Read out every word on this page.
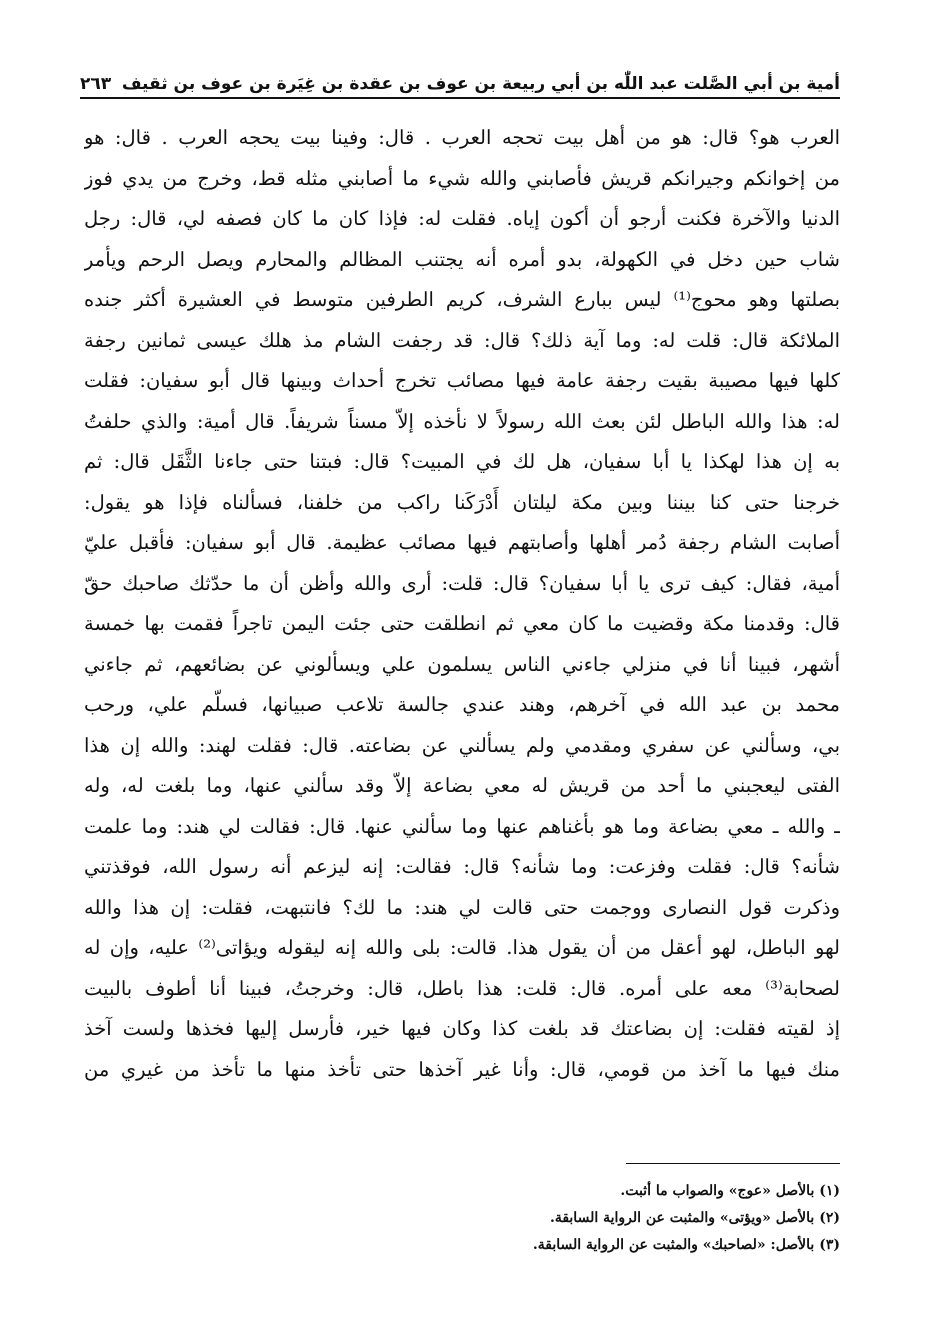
أمية بن أبي الصَّلت عبد اللّٰه بن أبي ربيعة بن عوف بن عقدة بن غِيَرة بن عوف بن ثقيف
٢٦٣
العرب هو؟ قال: هو من أهل بيت تحجه العرب . قال: وفينا بيت يحجه العرب . قال: هو
من إخوانكم وجيرانكم قريش فأصابني والله شيء ما أصابني مثله قط، وخرج من يدي فوز
الدنيا والآخرة فكنت أرجو أن أكون إياه. فقلت له: فإذا كان ما كان فصفه لي، قال: رجل
شاب حين دخل في الكهولة، بدو أمره أنه يجتنب المظالم والمحارم ويصل الرحم ويأمر
بصلتها وهو محوج⁽¹⁾ ليس ببارع الشرف، كريم الطرفين متوسط في العشيرة أكثر جنده
الملائكة قال: قلت له: وما آية ذلك؟ قال: قد رجفت الشام مذ هلك عيسى ثمانين رجفة
كلها فيها مصيبة بقيت رجفة عامة فيها مصائب تخرج أحداث وبينها قال أبو سفيان: فقلت
له: هذا والله الباطل لئن بعث الله رسولاً لا نأخذه إلاّ مسناً شريفاً. قال أمية: والذي حلفتُ
به إن هذا لهكذا يا أبا سفيان، هل لك في المبيت؟ قال: فبتنا حتى جاءنا الثَّقَل قال: ثم
خرجنا حتى كنا بيننا وبين مكة ليلتان أَدْرَكَنا راكب من خلفنا، فسألناه فإذا هو يقول:
أصابت الشام رجفة دُمر أهلها وأصابتهم فيها مصائب عظيمة. قال أبو سفيان: فأقبل عليّ
أمية، فقال: كيف ترى يا أبا سفيان؟ قال: قلت: أرى والله وأظن أن ما حدّثك صاحبك حقّ
قال: وقدمنا مكة وقضيت ما كان معي ثم انطلقت حتى جئت اليمن تاجراً فقمت بها خمسة
أشهر، فبينا أنا في منزلي جاءني الناس يسلمون علي ويسألوني عن بضائعهم، ثم جاءني
محمد بن عبد الله في آخرهم، وهند عندي جالسة تلاعب صبيانها، فسلّم علي، ورحب
بي، وسألني عن سفري ومقدمي ولم يسألني عن بضاعته. قال: فقلت لهند: والله إن هذا
الفتى ليعجبني ما أحد من قريش له معي بضاعة إلاّ وقد سألني عنها، وما بلغت له، وله
ـ والله ـ معي بضاعة وما هو بأغناهم عنها وما سألني عنها. قال: فقالت لي هند: وما علمت
شأنه؟ قال: فقلت وفزعت: وما شأنه؟ قال: فقالت: إنه ليزعم أنه رسول الله، فوقذتني
وذكرت قول النصارى ووجمت حتى قالت لي هند: ما لك؟ فانتبهت، فقلت: إن هذا والله
لهو الباطل، لهو أعقل من أن يقول هذا. قالت: بلى والله إنه ليقوله ويؤاتى⁽²⁾ عليه، وإن له
لصحابة⁽³⁾ معه على أمره. قال: قلت: هذا باطل، قال: وخرجتُ، فبينا أنا أطوف بالبيت
إذ لقيته فقلت: إن بضاعتك قد بلغت كذا وكان فيها خير، فأرسل إليها فخذها ولست آخذ
منك فيها ما آخذ من قومي، قال: وأنا غير آخذها حتى تأخذ منها ما تأخذ من غيري من
(١) بالأصل «عوج» والصواب ما أثبت.
(٢) بالأصل «ويؤتى» والمثبت عن الرواية السابقة.
(٣) بالأصل: «لصاحبك» والمثبت عن الرواية السابقة.
